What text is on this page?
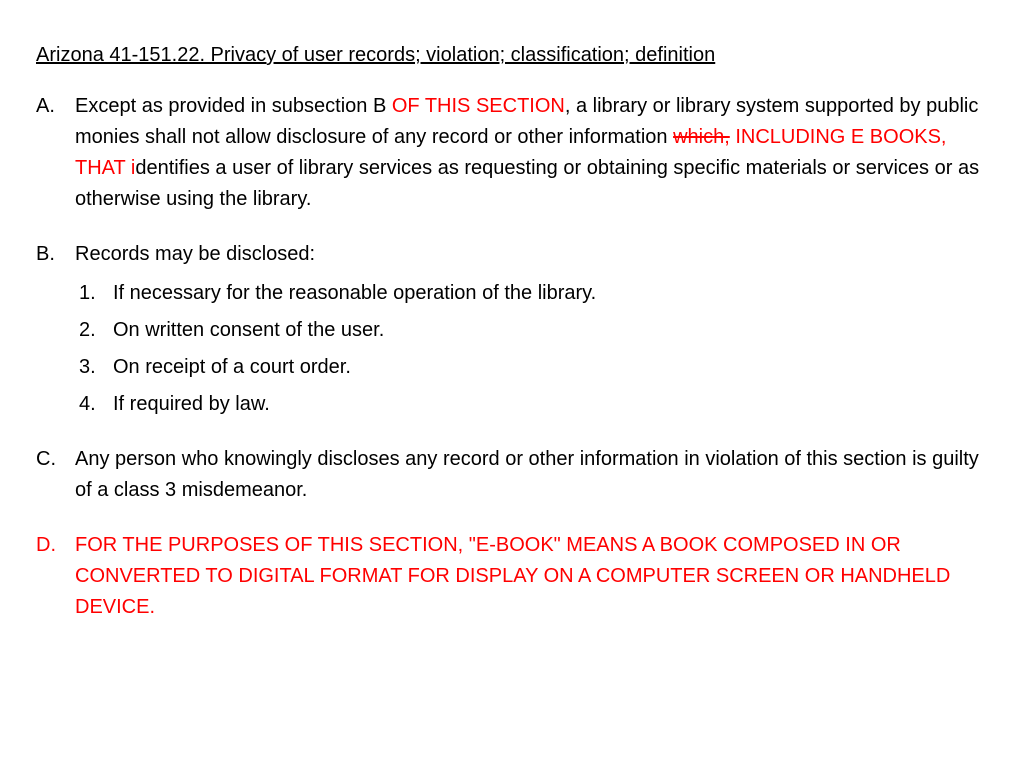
Arizona 41-151.22. Privacy of user records; violation; classification; definition

A. Except as provided in subsection B OF THIS SECTION, a library or library system supported by public monies shall not allow disclosure of any record or other information which, INCLUDING E BOOKS, THAT identifies a user of library services as requesting or obtaining specific materials or services or as otherwise using the library.

B. Records may be disclosed:
1. If necessary for the reasonable operation of the library.
2. On written consent of the user.
3. On receipt of a court order.
4. If required by law.

C. Any person who knowingly discloses any record or other information in violation of this section is guilty of a class 3 misdemeanor.

D. FOR THE PURPOSES OF THIS SECTION, "E-BOOK" MEANS A BOOK COMPOSED IN OR CONVERTED TO DIGITAL FORMAT FOR DISPLAY ON A COMPUTER SCREEN OR HANDHELD DEVICE.
